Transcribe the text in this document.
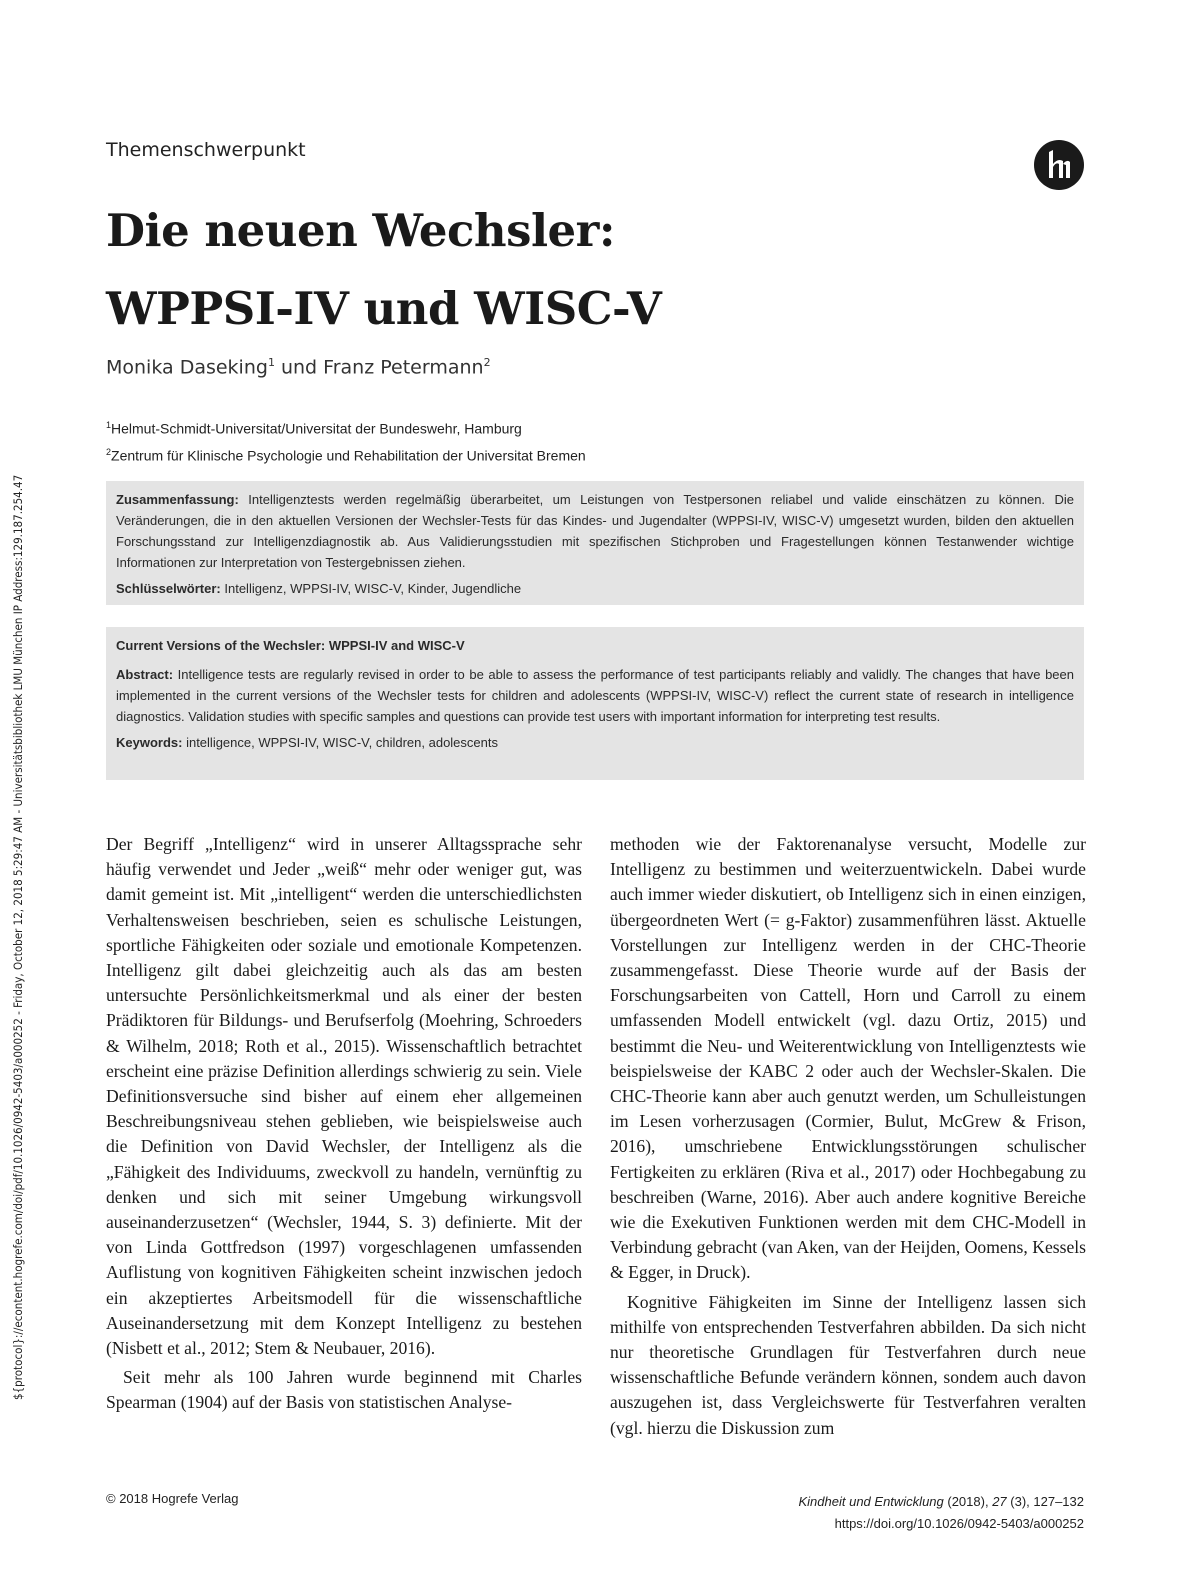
${protocol}://econtent.hogrefe.com/doi/pdf/10.1026/0942-5403/a000252 - Friday, October 12, 2018 5:29:47 AM - Universitätsbibliothek LMU München IP Address:129.187.254.47
Themenschwerpunkt
Die neuen Wechsler:
WPPSI-IV und WISC-V
Monika Daseking$^1$ und Franz Petermann$^2$
$^1$Helmut-Schmidt-Universitat/Universitat der Bundeswehr, Hamburg
$^2$Zentrum für Klinische Psychologie und Rehabilitation der Universitat Bremen

Zusammenfassung: Intelligenztests werden regelmäßig überarbeitet, um Leistungen von Testpersonen reliabel und valide einschätzen zu können. Die Veränderungen, die in den aktuellen Versionen der Wechsler-Tests für das Kindes- und Jugendalter (WPPSI-IV, WISC-V) umgesetzt wurden, bilden den aktuellen Forschungsstand zur Intelligenzdiagnostik ab. Aus Validierungsstudien mit spezifischen Stichproben und Fragestellungen können Testanwender wichtige Informationen zur Interpretation von Testergebnissen ziehen.

Schlüsselwörter: Intelligenz, WPPSI-IV, WISC-V, Kinder, Jugendliche

Current Versions of the Wechsler: WPPSI-IV and WISC-V

Abstract: Intelligence tests are regularly revised in order to be able to assess the performance of test participants reliably and validly. The changes that have been implemented in the current versions of the Wechsler tests for children and adolescents (WPPSI-IV, WISC-V) reflect the current state of research in intelligence diagnostics. Validation studies with specific samples and questions can provide test users with important information for interpreting test results.

Keywords: intelligence, WPPSI-IV, WISC-V, children, adolescents

Der Begriff „Intelligenz“ wird in unserer Alltagssprache sehr häufig verwendet und Jeder „weiß“ mehr oder weniger gut, was damit gemeint ist. Mit „intelligent“ werden die unterschiedlichsten Verhaltensweisen beschrieben, seien es schulische Leistungen, sportliche Fähigkeiten oder soziale und emotionale Kompetenzen. Intelligenz gilt dabei gleichzeitig auch als das am besten untersuchte Persönlichkeitsmerkmal und als einer der besten Prädiktoren für Bildungs- und Berufserfolg (Moehring, Schroeders & Wilhelm, 2018; Roth et al., 2015). Wissenschaftlich betrachtet erscheint eine präzise Definition allerdings schwierig zu sein. Viele Definitionsversuche sind bisher auf einem eher allgemeinen Beschreibungsniveau stehen geblieben, wie beispielsweise auch die Definition von David Wechsler, der Intelligenz als die „Fähigkeit des Individuums, zweckvoll zu handeln, vernünftig zu denken und sich mit seiner Umgebung wirkungsvoll auseinanderzusetzen“ (Wechsler, 1944, S. 3) definierte. Mit der von Linda Gottfredson (1997) vorgeschlagenen umfassenden Auflistung von kognitiven Fähigkeiten scheint inzwischen jedoch ein akzeptiertes Arbeitsmodell für die wissenschaftliche Auseinandersetzung mit dem Konzept Intelligenz zu bestehen (Nisbett et al., 2012; Stem & Neubauer, 2016).

Seit mehr als 100 Jahren wurde beginnend mit Charles Spearman (1904) auf der Basis von statistischen Analyse-

methoden wie der Faktorenanalyse versucht, Modelle zur Intelligenz zu bestimmen und weiterzuentwickeln. Dabei wurde auch immer wieder diskutiert, ob Intelligenz sich in einen einzigen, übergeordneten Wert (= g-Faktor) zusammenführen lässt. Aktuelle Vorstellungen zur Intelligenz werden in der CHC-Theorie zusammengefasst. Diese Theorie wurde auf der Basis der Forschungsarbeiten von Cattell, Horn und Carroll zu einem umfassenden Modell entwickelt (vgl. dazu Ortiz, 2015) und bestimmt die Neu- und Weiterentwicklung von Intelligenztests wie beispielsweise der KABC 2 oder auch der Wechsler-Skalen. Die CHC-Theorie kann aber auch genutzt werden, um Schulleistungen im Lesen vorherzusagen (Cormier, Bulut, McGrew & Frison, 2016), umschriebene Entwicklungsstörungen schulischer Fertigkeiten zu erklären (Riva et al., 2017) oder Hochbegabung zu beschreiben (Warne, 2016). Aber auch andere kognitive Bereiche wie die Exekutiven Funktionen werden mit dem CHC-Modell in Verbindung gebracht (van Aken, van der Heijden, Oomens, Kessels & Egger, in Druck).

Kognitive Fähigkeiten im Sinne der Intelligenz lassen sich mithilfe von entsprechenden Testverfahren abbilden. Da sich nicht nur theoretische Grundlagen für Testverfahren durch neue wissenschaftliche Befunde verändern können, sondem auch davon auszugehen ist, dass Vergleichswerte für Testverfahren veralten (vgl. hierzu die Diskussion zum

© 2018 Hogrefe Verlag	Kindheit und Entwicklung (2018), 27 (3), 127–132
https://doi.org/10.1026/0942-5403/a000252
